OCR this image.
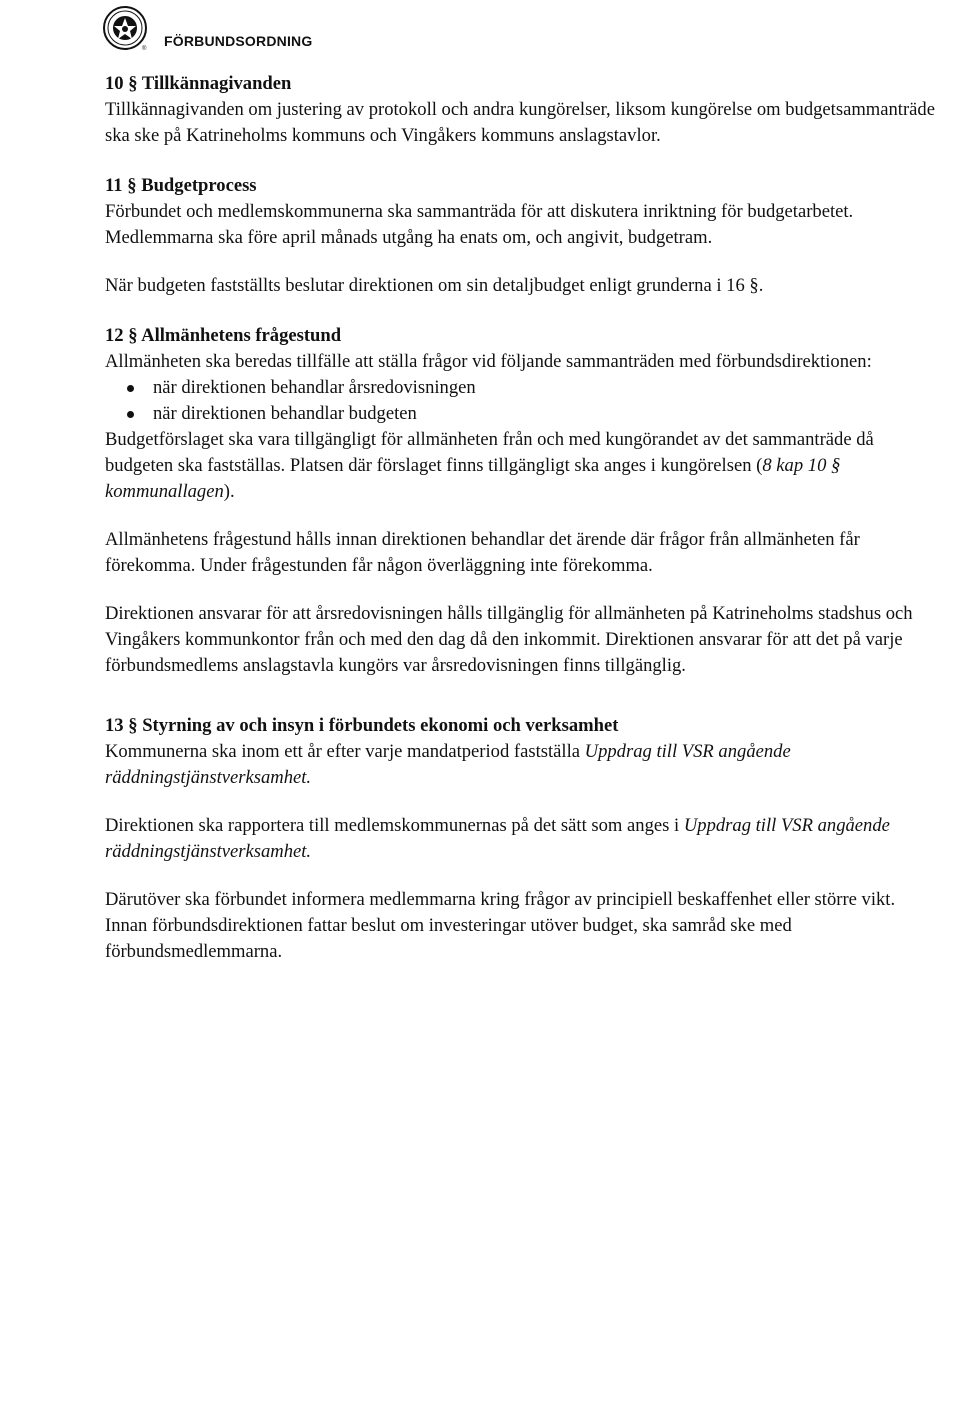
® FÖRBUNDSORDNING
10 § Tillkännagivanden

Tillkännagivanden om justering av protokoll och andra kungörelser, liksom kungörelse om budgetsammanträde ska ske på Katrineholms kommuns och Vingåkers kommuns anslagstavlor.

11 § Budgetprocess

Förbundet och medlemskommunerna ska sammanträda för att diskutera inriktning för budgetarbetet. Medlemmarna ska före april månads utgång ha enats om, och angivit, budgetram.

När budgeten fastställts beslutar direktionen om sin detaljbudget enligt grunderna i 16 §.

12 § Allmänhetens frågestund

Allmänheten ska beredas tillfälle att ställa frågor vid följande sammanträden med förbundsdirektionen:

när direktionen behandlar årsredovisningen
när direktionen behandlar budgeten

Budgetförslaget ska vara tillgängligt för allmänheten från och med kungörandet av det sammanträde då budgeten ska fastställas. Platsen där förslaget finns tillgängligt ska anges i kungörelsen (8 kap 10 § kommunallagen).

Allmänhetens frågestund hålls innan direktionen behandlar det ärende där frågor från allmänheten får förekomma. Under frågestunden får någon överläggning inte förekomma.

Direktionen ansvarar för att årsredovisningen hålls tillgänglig för allmänheten på Katrineholms stadshus och Vingåkers kommunkontor från och med den dag då den inkommit. Direktionen ansvarar för att det på varje förbundsmedlems anslagstavla kungörs var årsredovisningen finns tillgänglig.

13 § Styrning av och insyn i förbundets ekonomi och verksamhet

Kommunerna ska inom ett år efter varje mandatperiod fastställa Uppdrag till VSR angående räddningstjänstverksamhet.

Direktionen ska rapportera till medlemskommunernas på det sätt som anges i Uppdrag till VSR angående räddningstjänstverksamhet.

Därutöver ska förbundet informera medlemmarna kring frågor av principiell beskaffenhet eller större vikt. Innan förbundsdirektionen fattar beslut om investeringar utöver budget, ska samråd ske med förbundsmedlemmarna.
